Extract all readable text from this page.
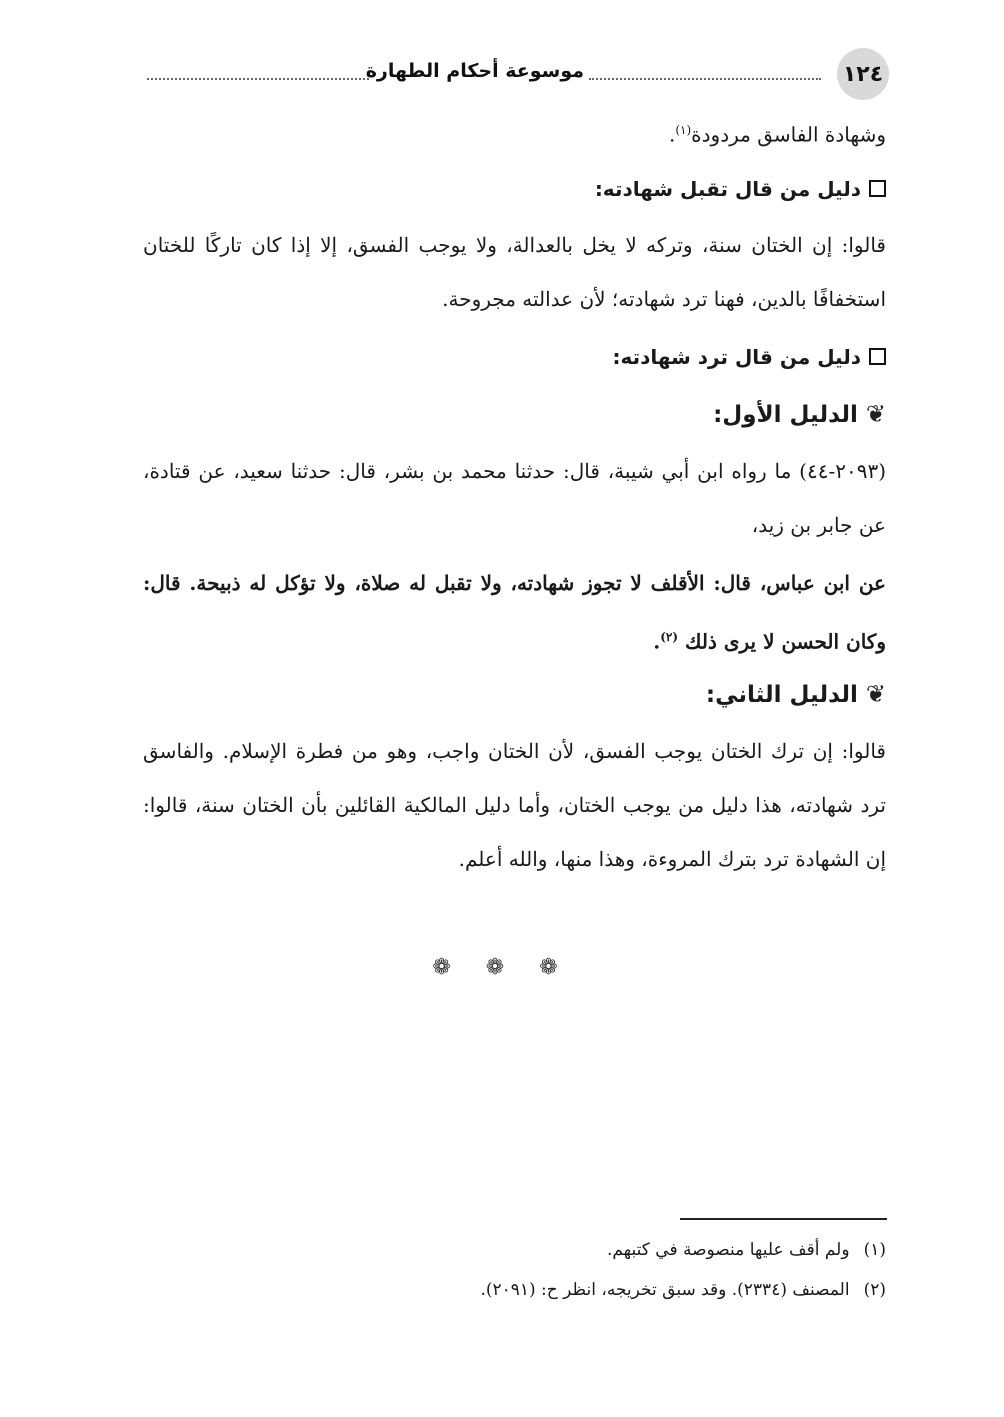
١٢٤
موسوعة أحكام الطهارة
وشهادة الفاسق مردودة$^{(١)}$.
دليل من قال تقبل شهادته:
قالوا: إن الختان سنة، وتركه لا يخل بالعدالة، ولا يوجب الفسق، إلا إذا كان تاركًا للختان استخفافًا بالدين، فهنا ترد شهادته؛ لأن عدالته مجروحة.
دليل من قال ترد شهادته:
❦الدليل الأول:
(٢٠٩٣-٤٤) ما رواه ابن أبي شيبة، قال: حدثنا محمد بن بشر، قال: حدثنا سعيد، عن قتادة، عن جابر بن زيد،
عن ابن عباس، قال: الأقلف لا تجوز شهادته، ولا تقبل له صلاة، ولا تؤكل له ذبيحة. قال: وكان الحسن لا يرى ذلك $^{(٢)}$.
❦الدليل الثاني:
قالوا: إن ترك الختان يوجب الفسق، لأن الختان واجب، وهو من فطرة الإسلام. والفاسق ترد شهادته، هذا دليل من يوجب الختان، وأما دليل المالكية القائلين بأن الختان سنة، قالوا: إن الشهادة ترد بترك المروءة، وهذا منها، والله أعلم.
❁ ❁ ❁
(١)ولم أقف عليها منصوصة في كتبهم.
(٢)المصنف (٢٣٣٤). وقد سبق تخريجه، انظر ح: (٢٠٩١).
